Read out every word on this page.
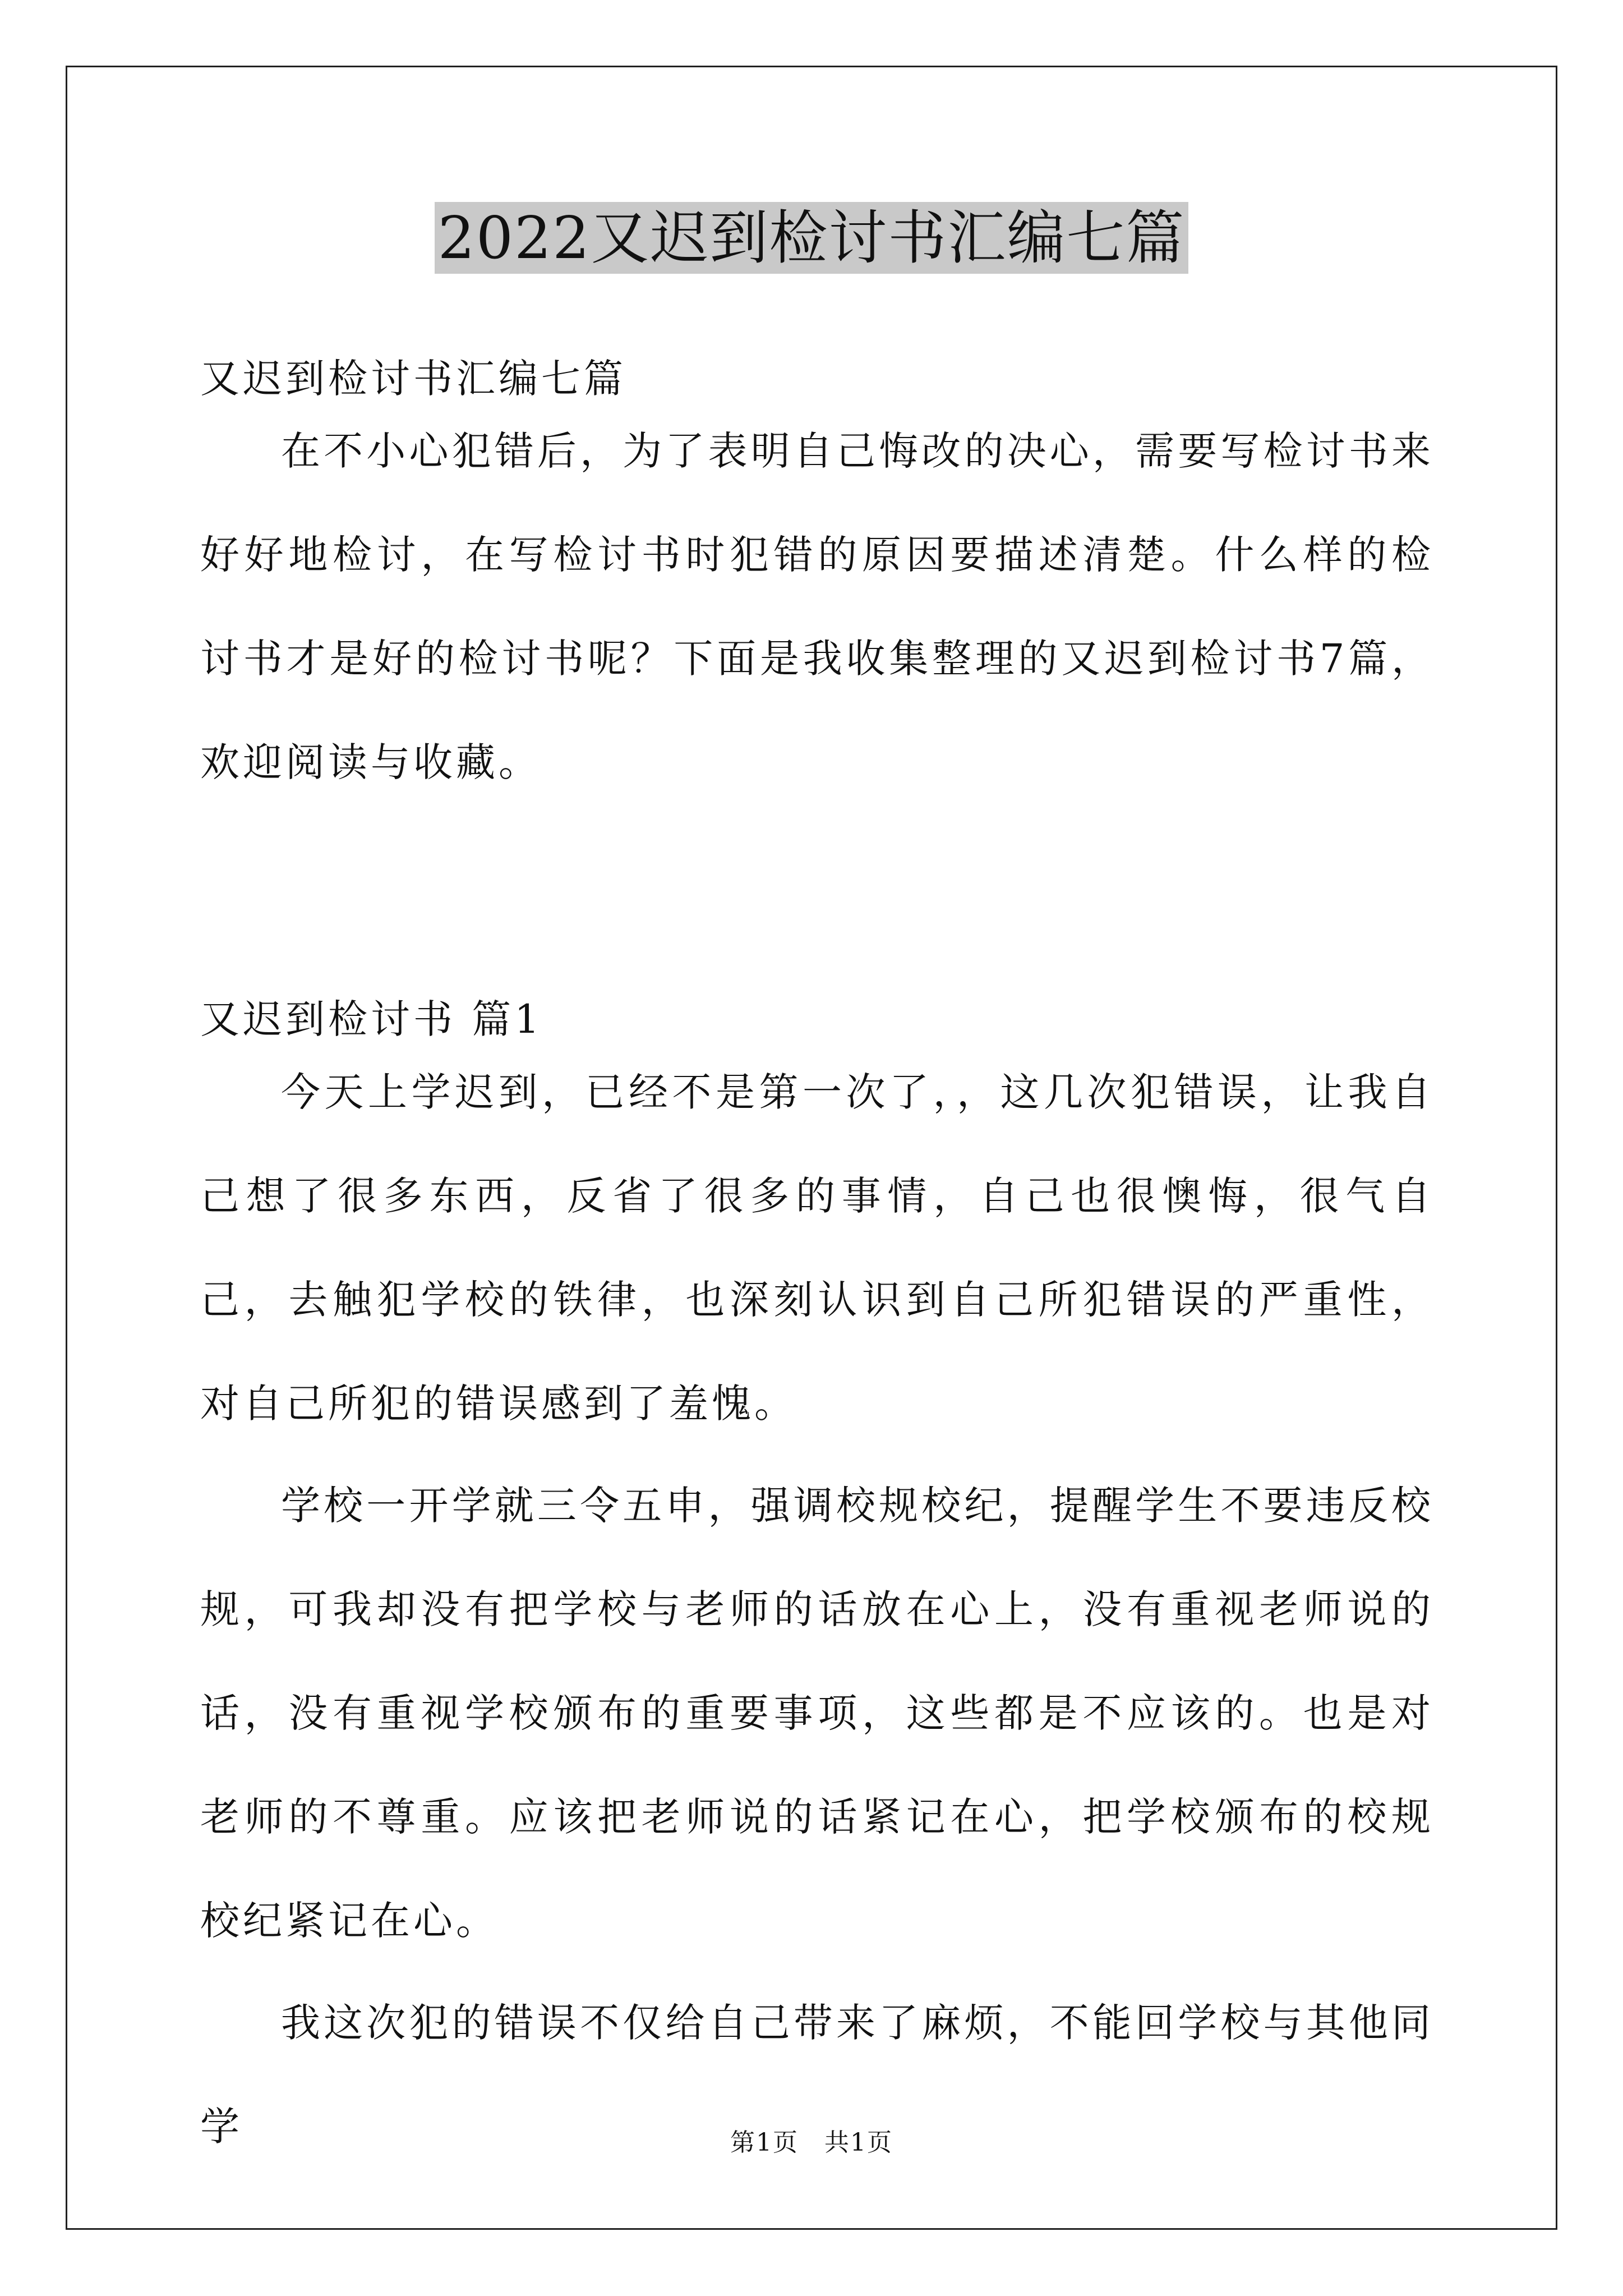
2022又迟到检讨书汇编七篇
又迟到检讨书汇编七篇

在不小心犯错后，为了表明自己悔改的决心，需要写检讨书来好好地检讨，在写检讨书时犯错的原因要描述清楚。什么样的检讨书才是好的检讨书呢？下面是我收集整理的又迟到检讨书7篇，欢迎阅读与收藏。

又迟到检讨书 篇1

今天上学迟到，已经不是第一次了，，这几次犯错误，让我自己想了很多东西，反省了很多的事情，自己也很懊悔，很气自己，去触犯学校的铁律，也深刻认识到自己所犯错误的严重性，对自己所犯的错误感到了羞愧。

学校一开学就三令五申，强调校规校纪，提醒学生不要违反校规，可我却没有把学校与老师的话放在心上，没有重视老师说的话，没有重视学校颁布的重要事项，这些都是不应该的。也是对老师的不尊重。应该把老师说的话紧记在心，把学校颁布的校规校纪紧记在心。

我这次犯的错误不仅给自己带来了麻烦，不能回学校与其他同学	第1页　共1页
